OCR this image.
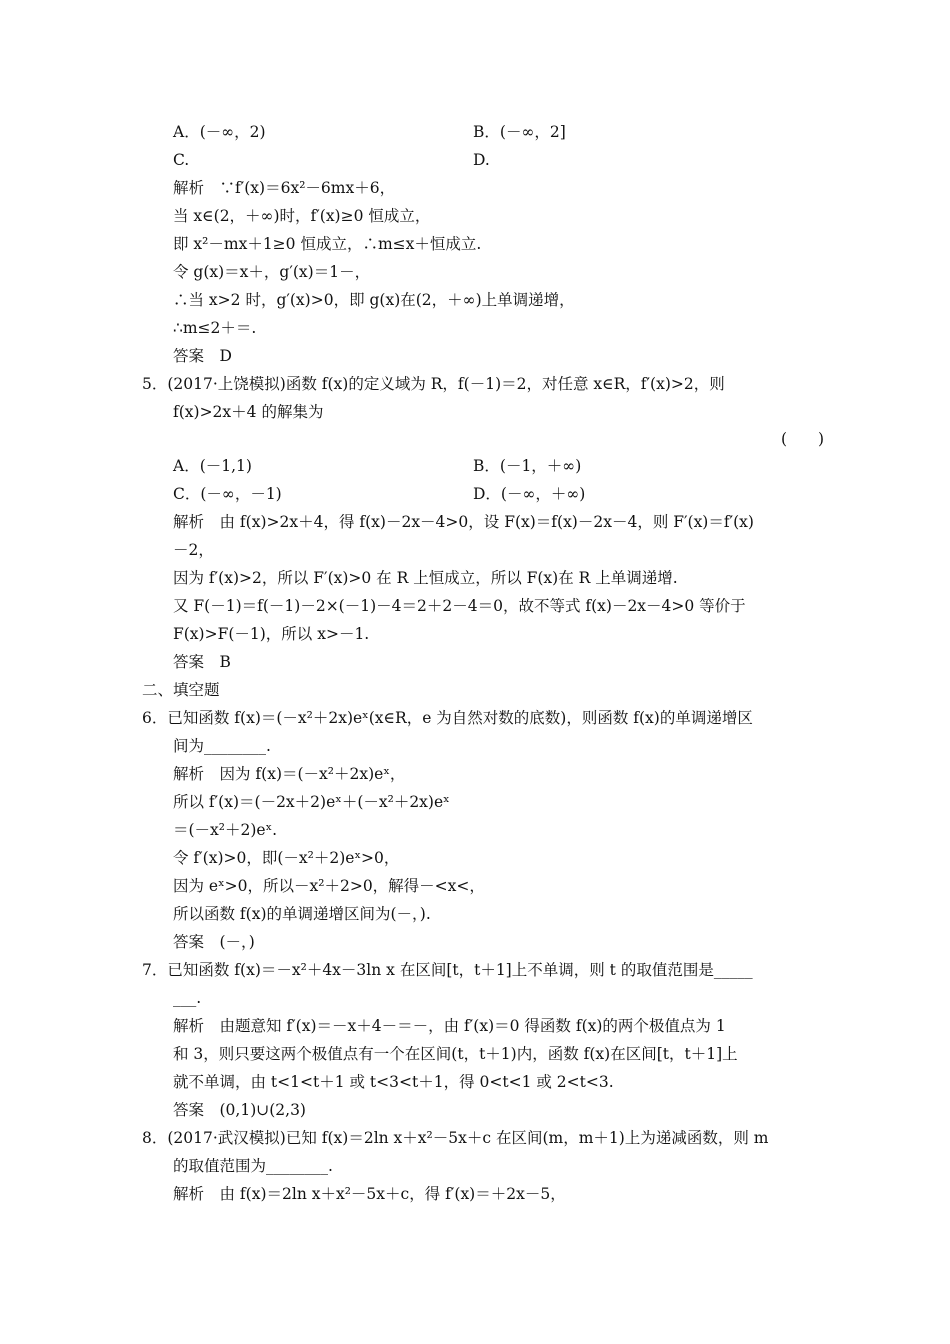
A．(－∞，2)	B．(－∞，2]
C.	D.
解析　∵f′(x)＝6x²－6mx＋6，
当 x∈(2，＋∞)时，f′(x)≥0 恒成立，
即 x²－mx＋1≥0 恒成立，∴m≤x＋恒成立.
令 g(x)＝x＋，g′(x)＝1－，
∴当 x>2 时，g′(x)>0，即 g(x)在(2，＋∞)上单调递增，
∴m≤2＋＝.
答案　D
5．(2017·上饶模拟)函数 f(x)的定义域为 R，f(－1)＝2，对任意 x∈R，f′(x)>2，则
f(x)>2x＋4 的解集为
(　　)
A．(－1,1)	B．(－1，＋∞)
C．(－∞，－1)	D．(－∞，＋∞)
解析　由 f(x)>2x＋4，得 f(x)－2x－4>0，设 F(x)＝f(x)－2x－4，则 F′(x)＝f′(x)
－2，
因为 f′(x)>2，所以 F′(x)>0 在 R 上恒成立，所以 F(x)在 R 上单调递增.
又 F(－1)＝f(－1)－2×(－1)－4＝2＋2－4＝0，故不等式 f(x)－2x－4>0 等价于
F(x)>F(－1)，所以 x>－1.
答案　B
二、填空题
6．已知函数 f(x)＝(－x²＋2x)eˣ(x∈R，e 为自然对数的底数)，则函数 f(x)的单调递增区
间为________.
解析　因为 f(x)＝(－x²＋2x)eˣ，
所以 f′(x)＝(－2x＋2)eˣ＋(－x²＋2x)eˣ
＝(－x²＋2)eˣ.
令 f′(x)>0，即(－x²＋2)eˣ>0，
因为 eˣ>0，所以－x²＋2>0，解得－<x<，
所以函数 f(x)的单调递增区间为(－，).
答案　(－，)
7．已知函数 f(x)＝－x²＋4x－3ln x 在区间[t，t＋1]上不单调，则 t 的取值范围是_____
___.
解析　由题意知 f′(x)＝－x＋4－＝－，由 f′(x)＝0 得函数 f(x)的两个极值点为 1
和 3，则只要这两个极值点有一个在区间(t，t＋1)内，函数 f(x)在区间[t，t＋1]上
就不单调，由 t<1<t＋1 或 t<3<t＋1，得 0<t<1 或 2<t<3.
答案　(0,1)∪(2,3)
8．(2017·武汉模拟)已知 f(x)＝2ln x＋x²－5x＋c 在区间(m，m＋1)上为递减函数，则 m
的取值范围为________.
解析　由 f(x)＝2ln x＋x²－5x＋c，得 f′(x)＝＋2x－5，
